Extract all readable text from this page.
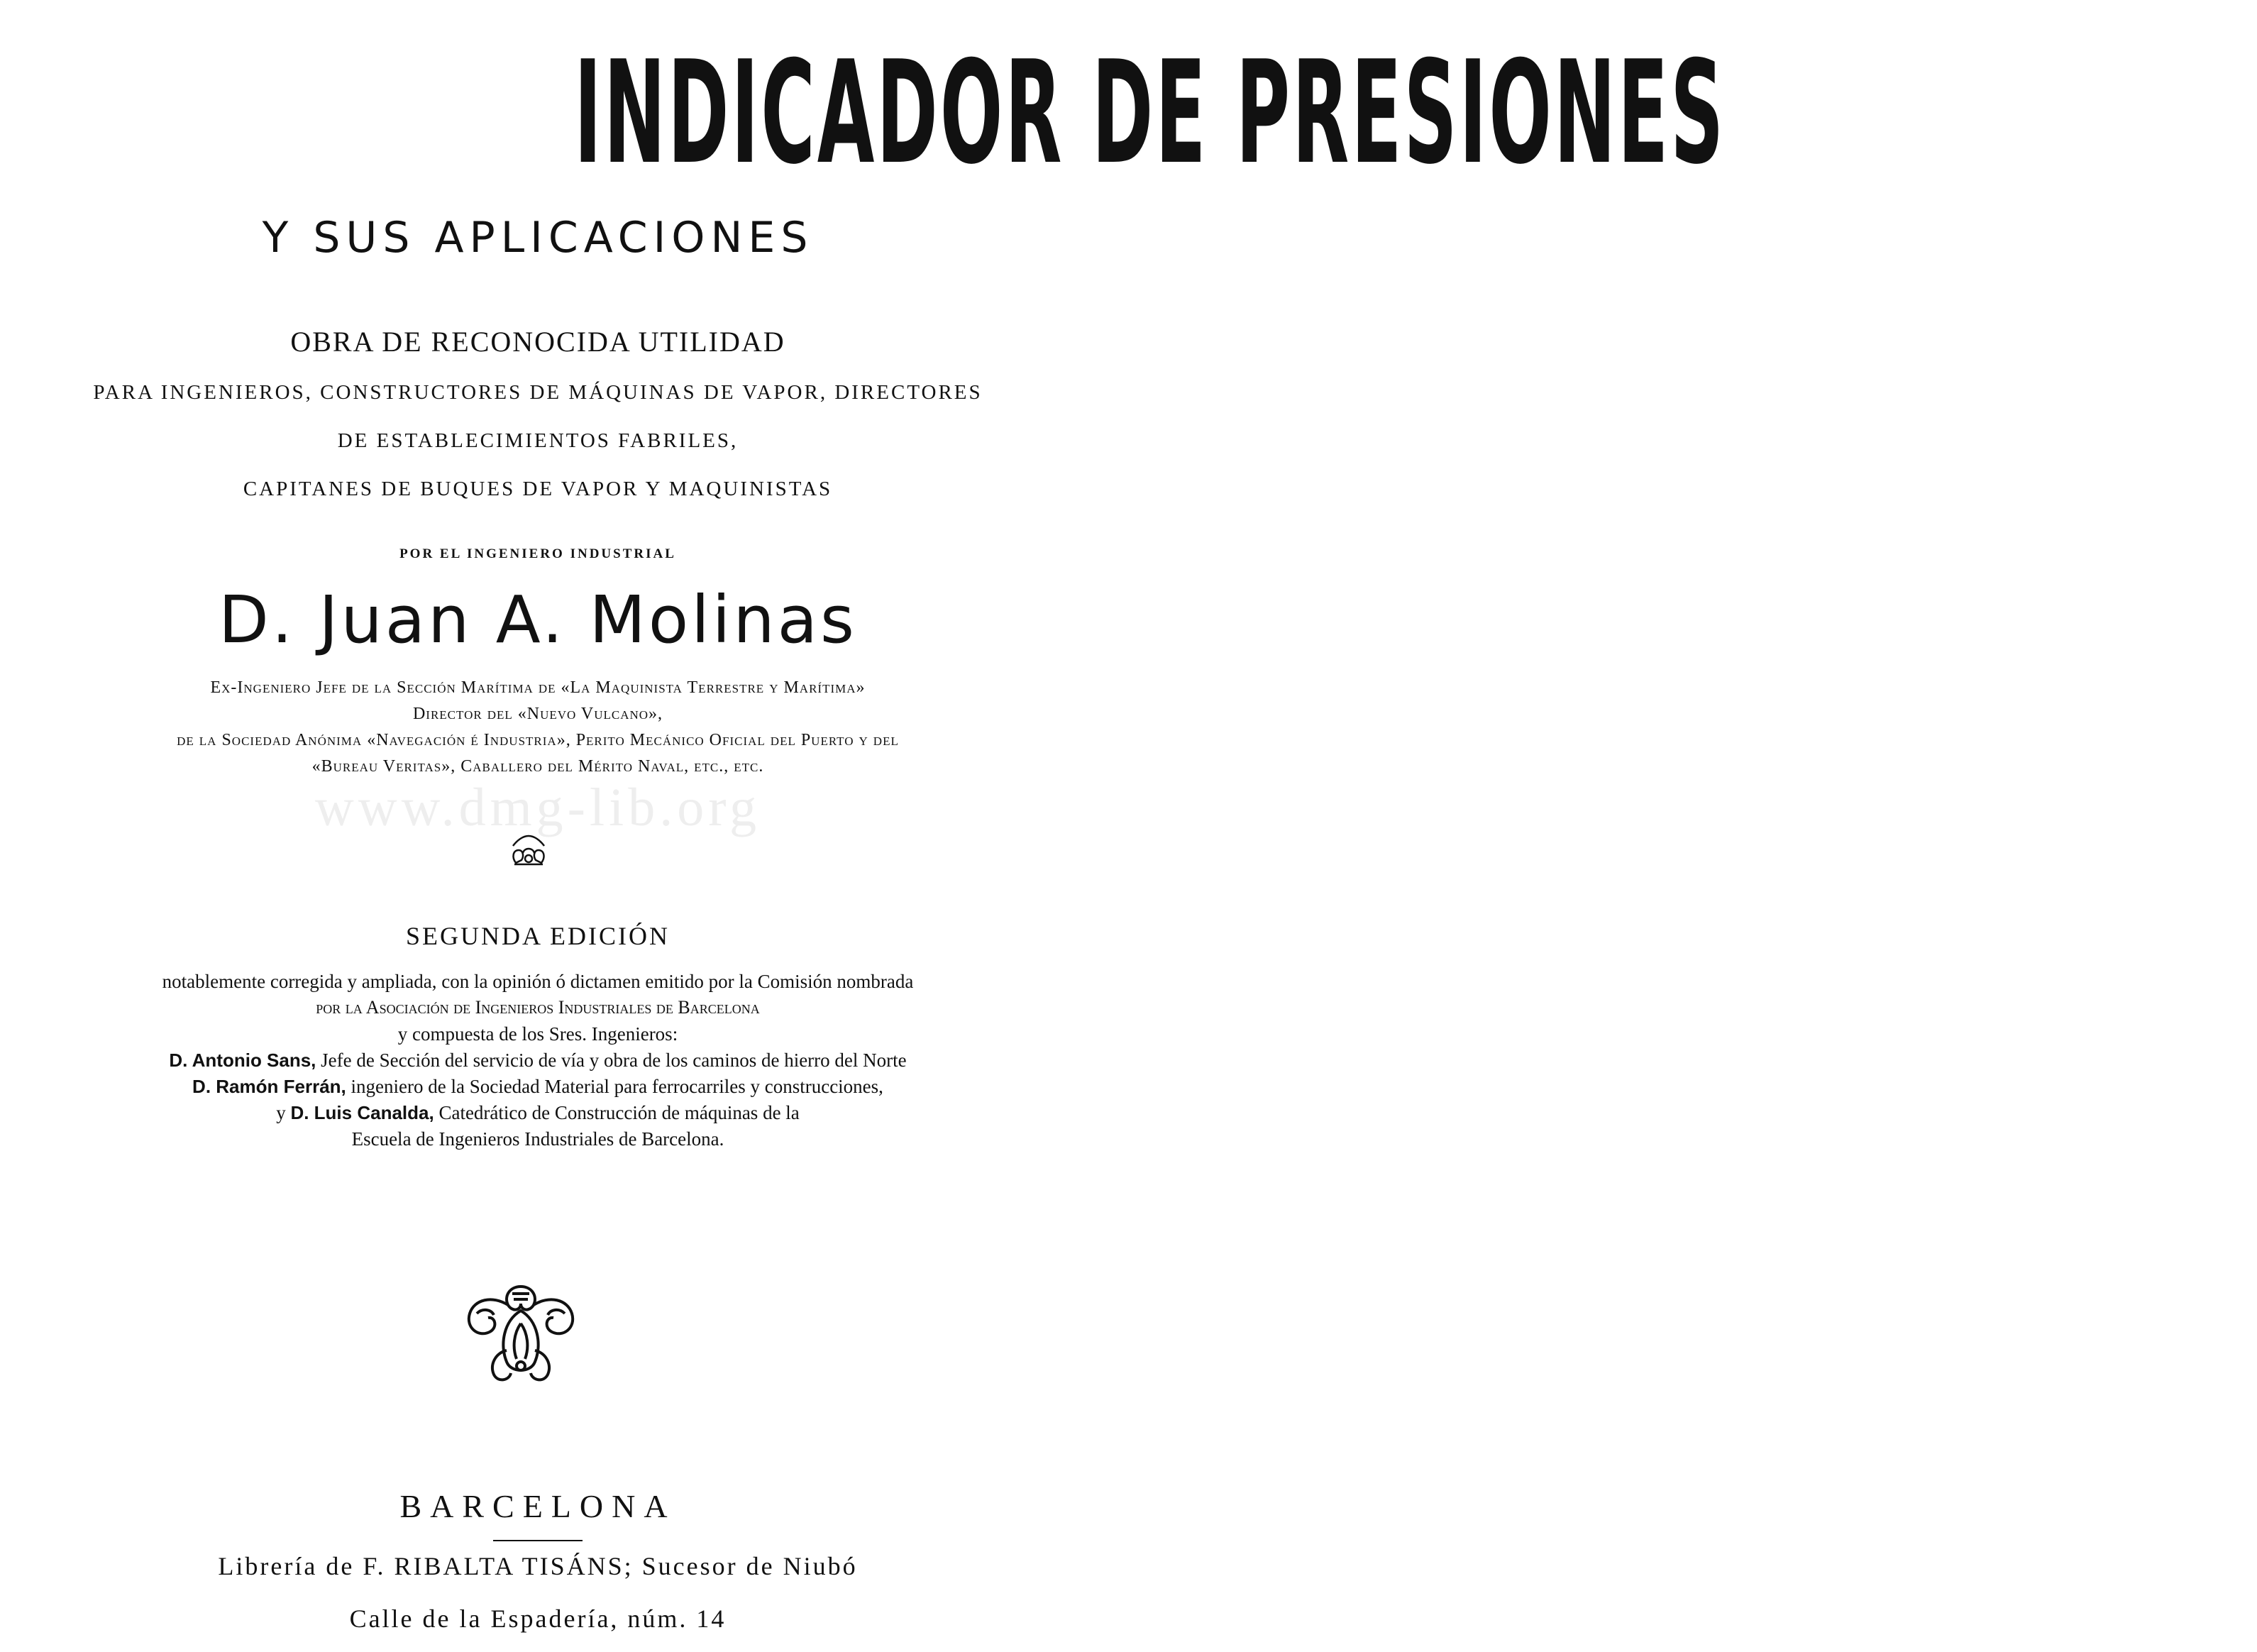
INDICADOR DE PRESIONES
Y SUS APLICACIONES
OBRA DE RECONOCIDA UTILIDAD
PARA INGENIEROS, CONSTRUCTORES DE MÁQUINAS DE VAPOR, DIRECTORES
DE ESTABLECIMIENTOS FABRILES,
CAPITANES DE BUQUES DE VAPOR Y MAQUINISTAS
POR EL INGENIERO INDUSTRIAL
D. Juan A. Molinas
Ex-Ingeniero Jefe de la Sección Marítima de «La Maquinista Terrestre y Marítima»
Director del «Nuevo Vulcano»,
de la Sociedad Anónima «Navegación é Industria», Perito Mecánico Oficial del Puerto y del
«Bureau Veritas», Caballero del Mérito Naval, etc., etc.
www.dmg-lib.org
SEGUNDA EDICIÓN
notablemente corregida y ampliada, con la opinión ó dictamen emitido por la Comisión nombrada
por la Asociación de Ingenieros Industriales de Barcelona
y compuesta de los Sres. Ingenieros:
D. Antonio Sans, Jefe de Sección del servicio de vía y obra de los caminos de hierro del Norte
D. Ramón Ferrán, ingeniero de la Sociedad Material para ferrocarriles y construcciones,
y D. Luis Canalda, Catedrático de Construcción de máquinas de la
Escuela de Ingenieros Industriales de Barcelona.
BARCELONA
Librería de F. RIBALTA TISÁNS; Sucesor de Niubó
Calle de la Espadería, núm. 14
